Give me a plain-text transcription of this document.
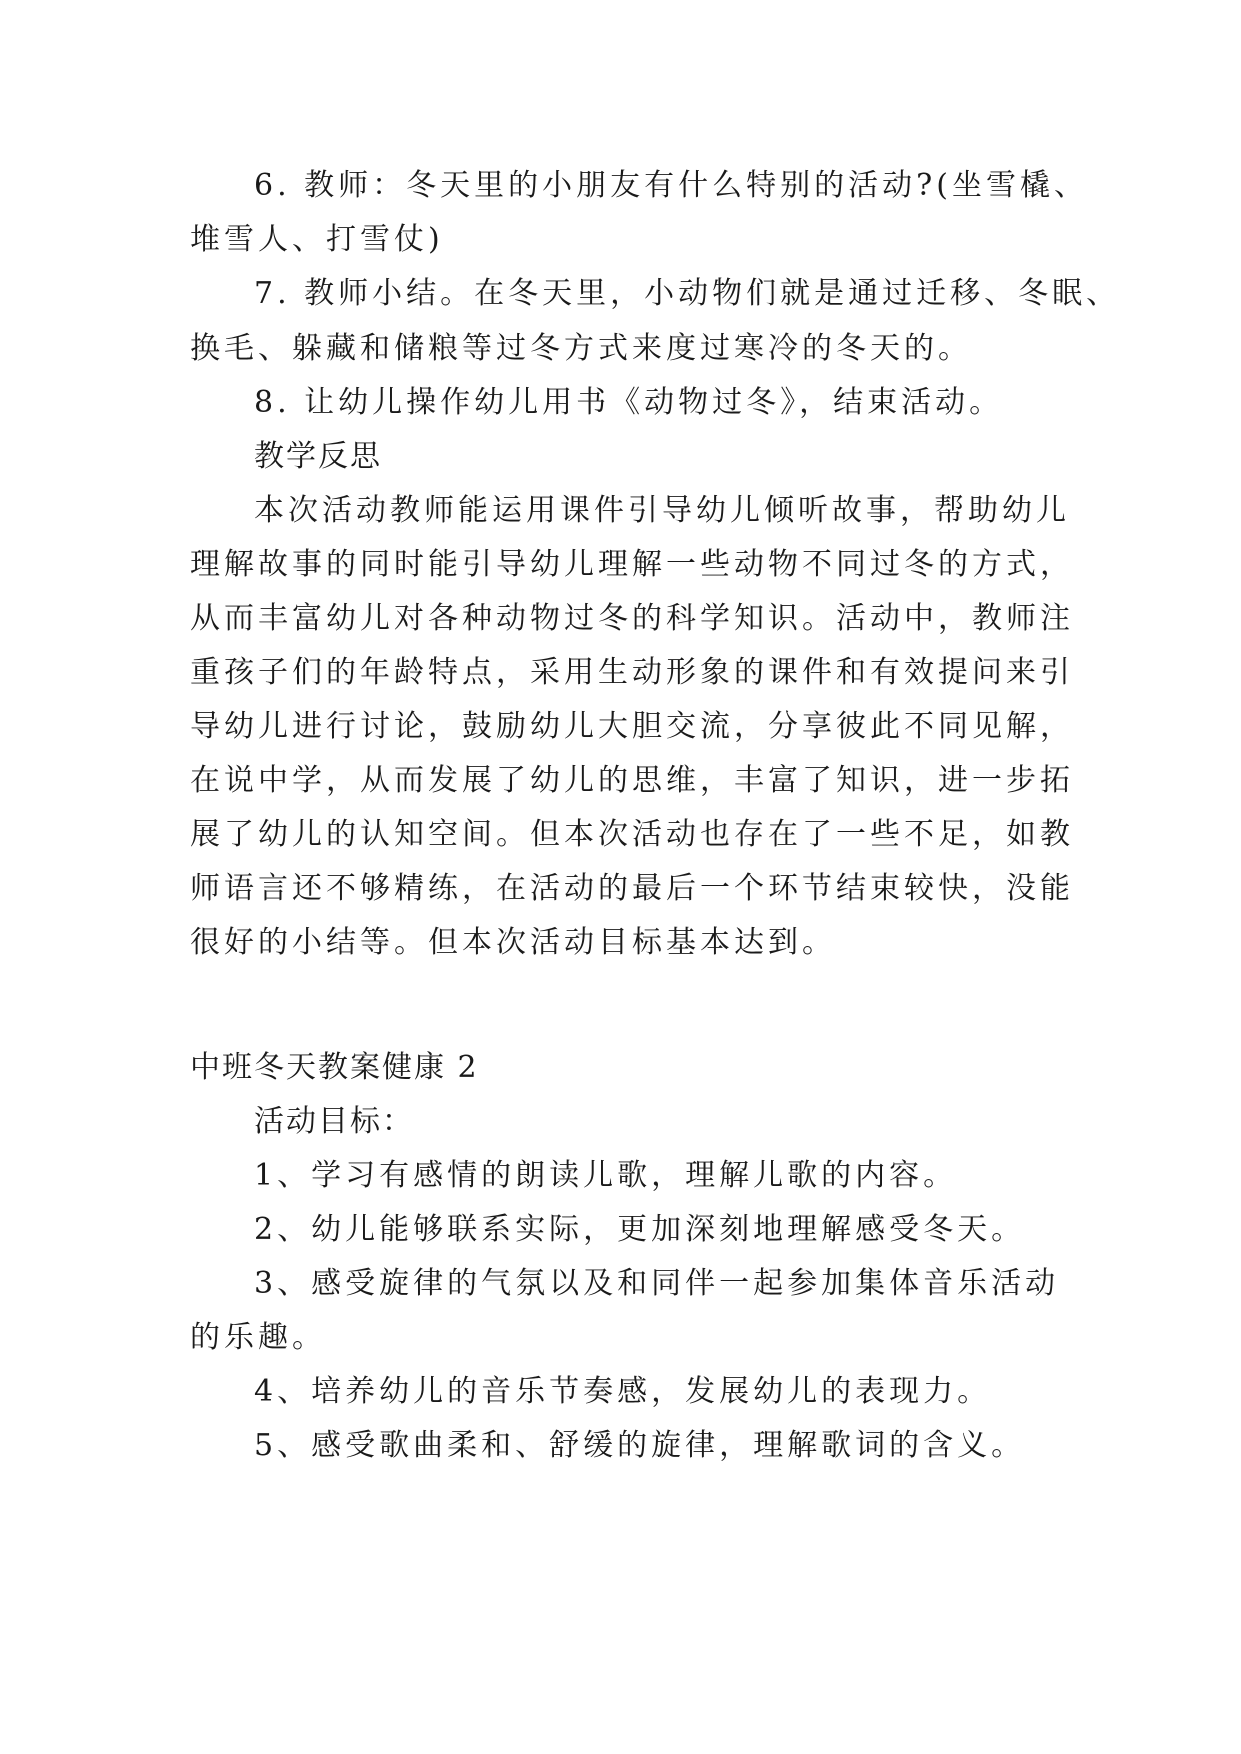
6. 教师：冬天里的小朋友有什么特别的活动?(坐雪橇、
堆雪人、打雪仗)
7. 教师小结。在冬天里，小动物们就是通过迁移、冬眠、
换毛、躲藏和储粮等过冬方式来度过寒冷的冬天的。
8. 让幼儿操作幼儿用书《动物过冬》，结束活动。
教学反思
本次活动教师能运用课件引导幼儿倾听故事，帮助幼儿
理解故事的同时能引导幼儿理解一些动物不同过冬的方式，
从而丰富幼儿对各种动物过冬的科学知识。活动中，教师注
重孩子们的年龄特点，采用生动形象的课件和有效提问来引
导幼儿进行讨论，鼓励幼儿大胆交流，分享彼此不同见解，
在说中学，从而发展了幼儿的思维，丰富了知识，进一步拓
展了幼儿的认知空间。但本次活动也存在了一些不足，如教
师语言还不够精练，在活动的最后一个环节结束较快，没能
很好的小结等。但本次活动目标基本达到。
中班冬天教案健康 2
活动目标：
1、学习有感情的朗读儿歌，理解儿歌的内容。
2、幼儿能够联系实际，更加深刻地理解感受冬天。
3、感受旋律的气氛以及和同伴一起参加集体音乐活动
的乐趣。
4、培养幼儿的音乐节奏感，发展幼儿的表现力。
5、感受歌曲柔和、舒缓的旋律，理解歌词的含义。
